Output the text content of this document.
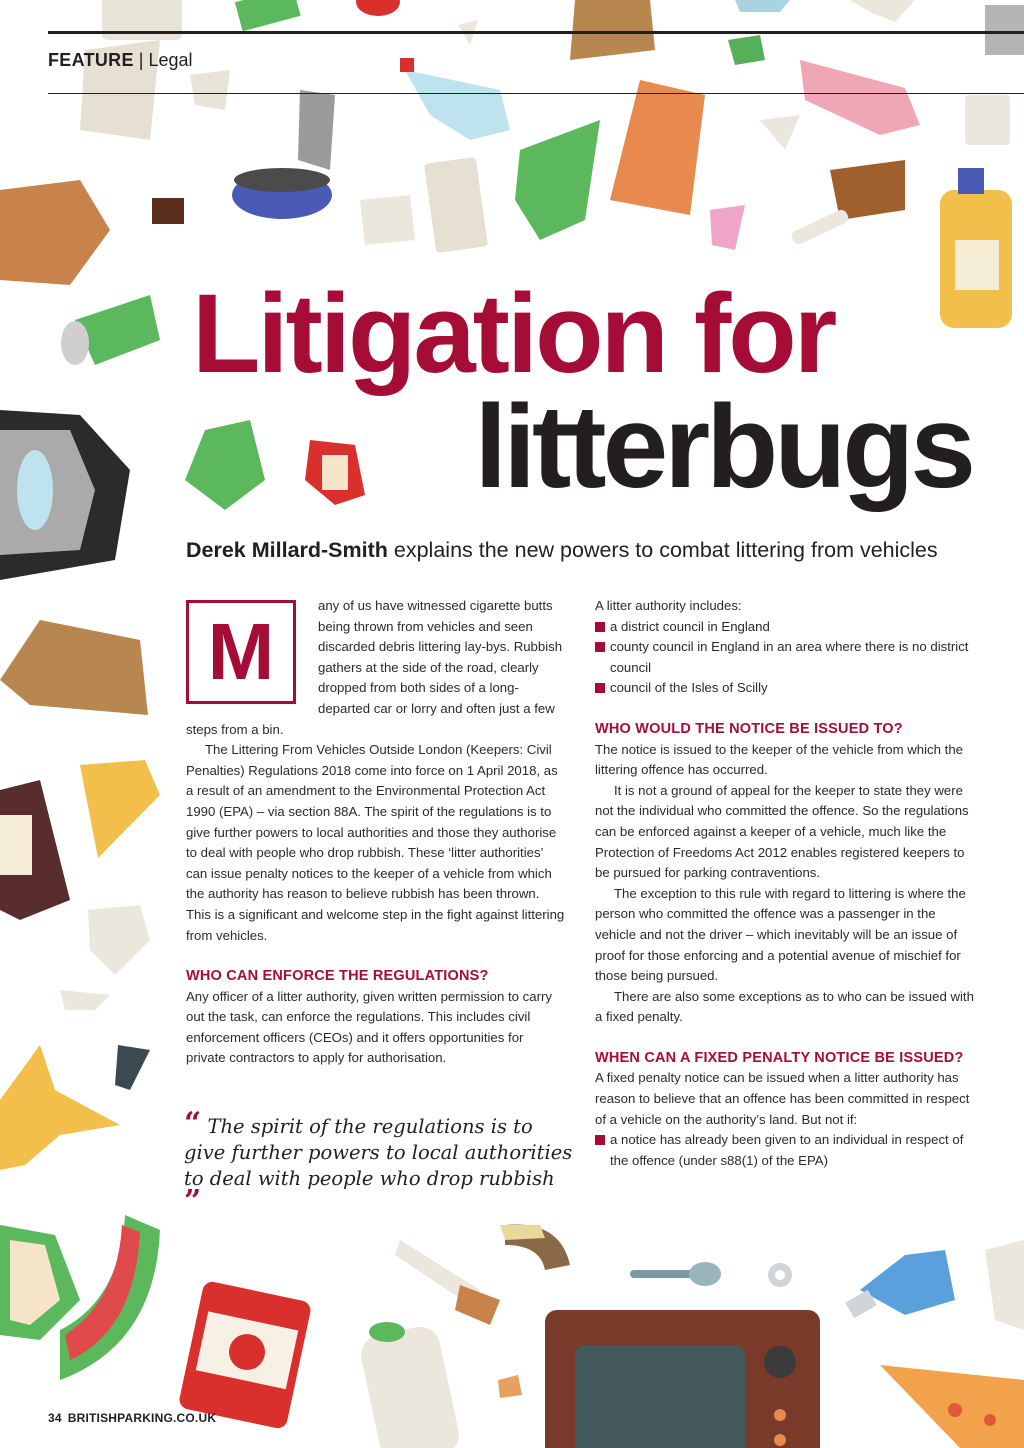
FEATURE | Legal
Litigation for
litterbugs
Derek Millard-Smith explains the new powers to combat littering from vehicles
M

any of us have witnessed cigarette butts being thrown from vehicles and seen discarded debris littering lay-bys. Rubbish gathers at the side of the road, clearly dropped from both sides of a long-departed car or lorry and often just a few steps from a bin.

The Littering From Vehicles Outside London (Keepers: Civil Penalties) Regulations 2018 come into force on 1 April 2018, as a result of an amendment to the Environmental Protection Act 1990 (EPA) – via section 88A. The spirit of the regulations is to give further powers to local authorities and those they authorise to deal with people who drop rubbish. These ‘litter authorities’ can issue penalty notices to the keeper of a vehicle from which the authority has reason to believe rubbish has been thrown. This is a significant and welcome step in the fight against littering from vehicles.

WHO CAN ENFORCE THE REGULATIONS?

Any officer of a litter authority, given written permission to carry out the task, can enforce the regulations. This includes civil enforcement officers (CEOs) and it offers opportunities for private contractors to apply for authorisation.

“ The spirit of the regulations is to give further powers to local authorities to deal with people who drop rubbish ”

A litter authority includes:

a district council in England

county council in England in an area where there is no district council

council of the Isles of Scilly

WHO WOULD THE NOTICE BE ISSUED TO?

The notice is issued to the keeper of the vehicle from which the littering offence has occurred.

It is not a ground of appeal for the keeper to state they were not the individual who committed the offence. So the regulations can be enforced against a keeper of a vehicle, much like the Protection of Freedoms Act 2012 enables registered keepers to be pursued for parking contraventions.

The exception to this rule with regard to littering is where the person who committed the offence was a passenger in the vehicle and not the driver – which inevitably will be an issue of proof for those enforcing and a potential avenue of mischief for those being pursued.

There are also some exceptions as to who can be issued with a fixed penalty.

WHEN CAN A FIXED PENALTY NOTICE BE ISSUED?

A fixed penalty notice can be issued when a litter authority has reason to believe that an offence has been committed in respect of a vehicle on the authority’s land. But not if:

a notice has already been given to an individual in respect of the offence (under s88(1) of the EPA)

34 BRITISHPARKING.CO.UK
